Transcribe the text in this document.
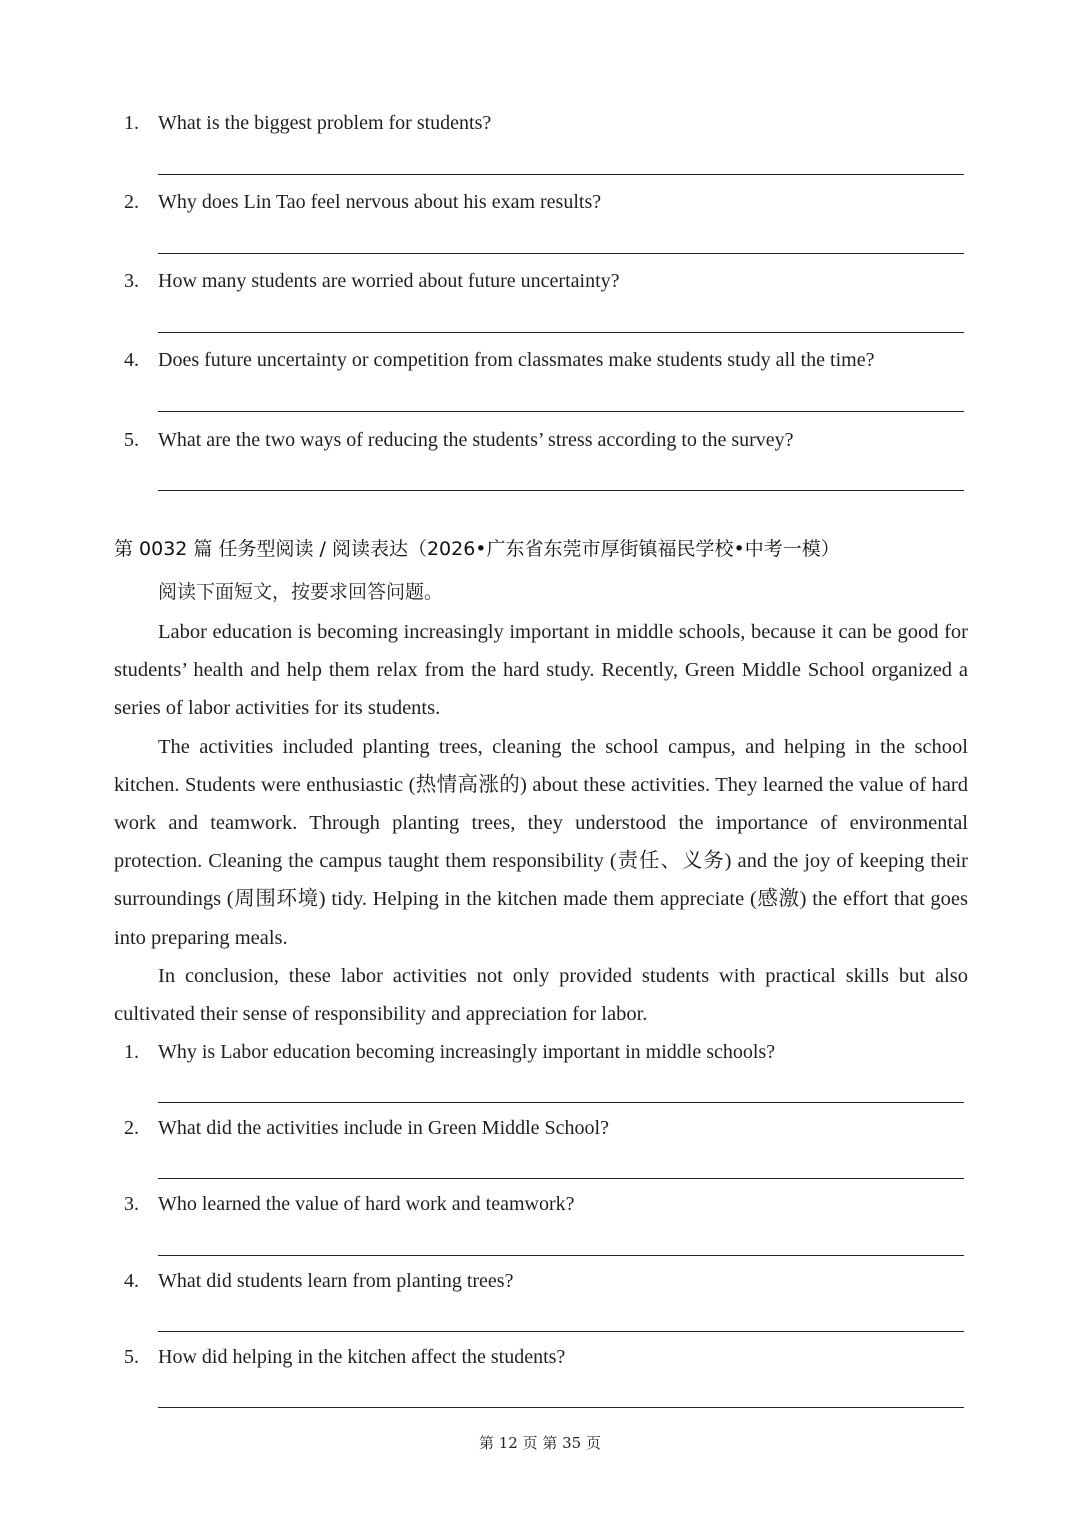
1. What is the biggest problem for students?
2. Why does Lin Tao feel nervous about his exam results?
3. How many students are worried about future uncertainty?
4. Does future uncertainty or competition from classmates make students study all the time?
5. What are the two ways of reducing the students’ stress according to the survey?
第 0032 篇 任务型阅读 / 阅读表达（2026•广东省东莞市厚街镇福民学校•中考一模）
阅读下面短文，按要求回答问题。

Labor education is becoming increasingly important in middle schools, because it can be good for students’ health and help them relax from the hard study. Recently, Green Middle School organized a series of labor activities for its students.

The activities included planting trees, cleaning the school campus, and helping in the school kitchen. Students were enthusiastic (热情高涨的) about these activities. They learned the value of hard work and teamwork. Through planting trees, they understood the importance of environmental protection. Cleaning the campus taught them responsibility (责任、义务) and the joy of keeping their surroundings (周围环境) tidy. Helping in the kitchen made them appreciate (感激) the effort that goes into preparing meals.

In conclusion, these labor activities not only provided students with practical skills but also cultivated their sense of responsibility and appreciation for labor.

1. Why is Labor education becoming increasingly important in middle schools?
2. What did the activities include in Green Middle School?
3. Who learned the value of hard work and teamwork?
4. What did students learn from planting trees?
5. How did helping in the kitchen affect the students?
第 12 页 第 35 页
